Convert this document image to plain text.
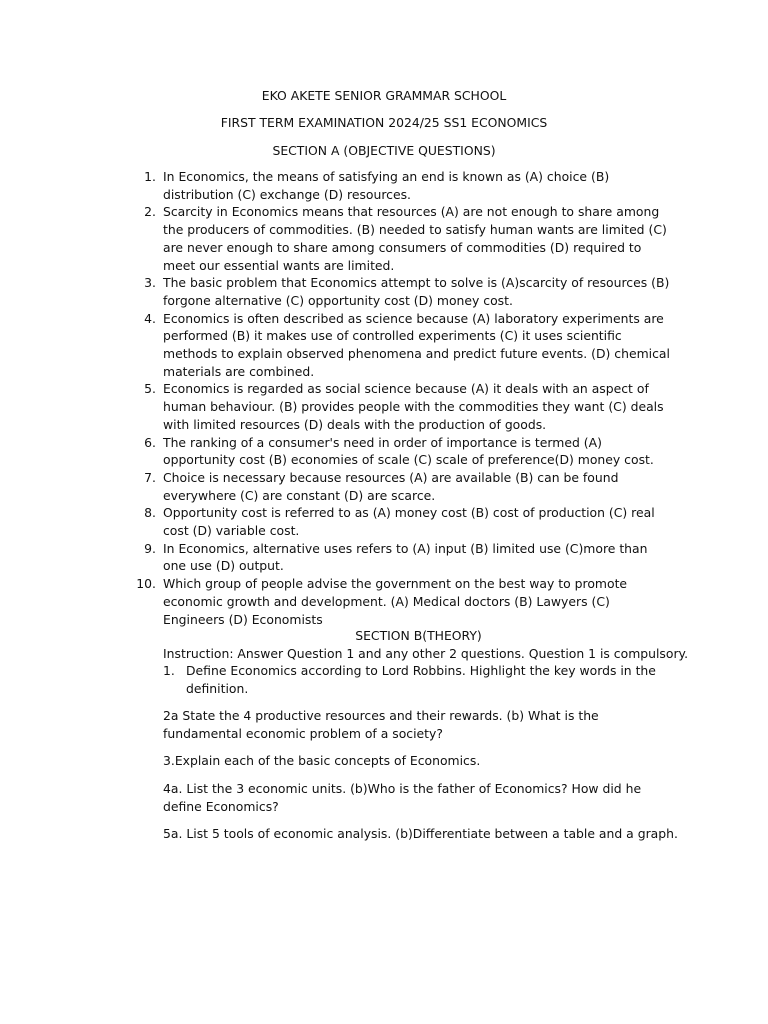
EKO AKETE SENIOR GRAMMAR SCHOOL
FIRST TERM EXAMINATION 2024/25 SS1 ECONOMICS
SECTION A (OBJECTIVE QUESTIONS)
1. In Economics, the means of satisfying an end is known as (A) choice (B) distribution (C) exchange (D) resources.
2. Scarcity in Economics means that resources (A) are not enough to share among the producers of commodities. (B) needed to satisfy human wants are limited (C) are never enough to share among consumers of commodities (D) required to meet our essential wants are limited.
3. The basic problem that Economics attempt to solve is (A)scarcity of resources (B) forgone alternative (C) opportunity cost (D) money cost.
4. Economics is often described as science because (A) laboratory experiments are performed (B) it makes use of controlled experiments (C) it uses scientific methods to explain observed phenomena and predict future events. (D) chemical materials are combined.
5. Economics is regarded as social science because (A) it deals with an aspect of human behaviour. (B) provides people with the commodities they want (C) deals with limited resources (D) deals with the production of goods.
6. The ranking of a consumer's need in order of importance is termed (A) opportunity cost (B) economies of scale (C) scale of preference(D) money cost.
7. Choice is necessary because resources (A) are available (B) can be found everywhere (C) are constant (D) are scarce.
8. Opportunity cost is referred to as (A) money cost (B) cost of production (C) real cost (D) variable cost.
9. In Economics, alternative uses refers to (A) input (B) limited use (C)more than one use (D) output.
10. Which group of people advise the government on the best way to promote economic growth and development. (A) Medical doctors (B) Lawyers (C) Engineers (D) Economists
SECTION B(THEORY)
Instruction: Answer Question 1 and any other 2 questions. Question 1 is compulsory.
1. Define Economics according to Lord Robbins. Highlight the key words in the definition.
2a State the 4 productive resources and their rewards. (b) What is the fundamental economic problem of a society?
3.Explain each of the basic concepts of Economics.
4a. List the 3 economic units. (b)Who is the father of Economics? How did he define Economics?
5a. List 5 tools of economic analysis. (b)Differentiate between a table and a graph.
